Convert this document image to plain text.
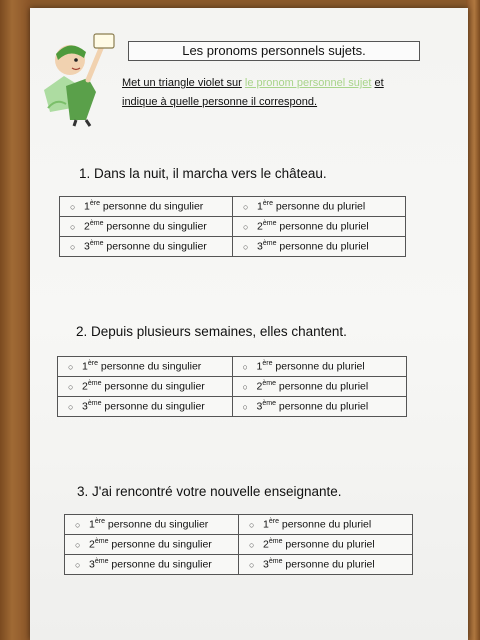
Les pronoms personnels sujets.
Met un triangle violet sur le pronom personnel sujet et indique à quelle personne il correspond.
1. Dans la nuit, il marcha vers le château.
○ 1ère personne du singulier	○ 1ère personne du pluriel
○ 2ème personne du singulier	○ 2ème personne du pluriel
○ 3ème personne du singulier	○ 3ème personne du pluriel
2. Depuis plusieurs semaines, elles chantent.
○ 1ère personne du singulier	○ 1ère personne du pluriel
○ 2ème personne du singulier	○ 2ème personne du pluriel
○ 3ème personne du singulier	○ 3ème personne du pluriel
3. J'ai rencontré votre nouvelle enseignante.
○ 1ère personne du singulier	○ 1ère personne du pluriel
○ 2ème personne du singulier	○ 2ème personne du pluriel
○ 3ème personne du singulier	○ 3ème personne du pluriel
